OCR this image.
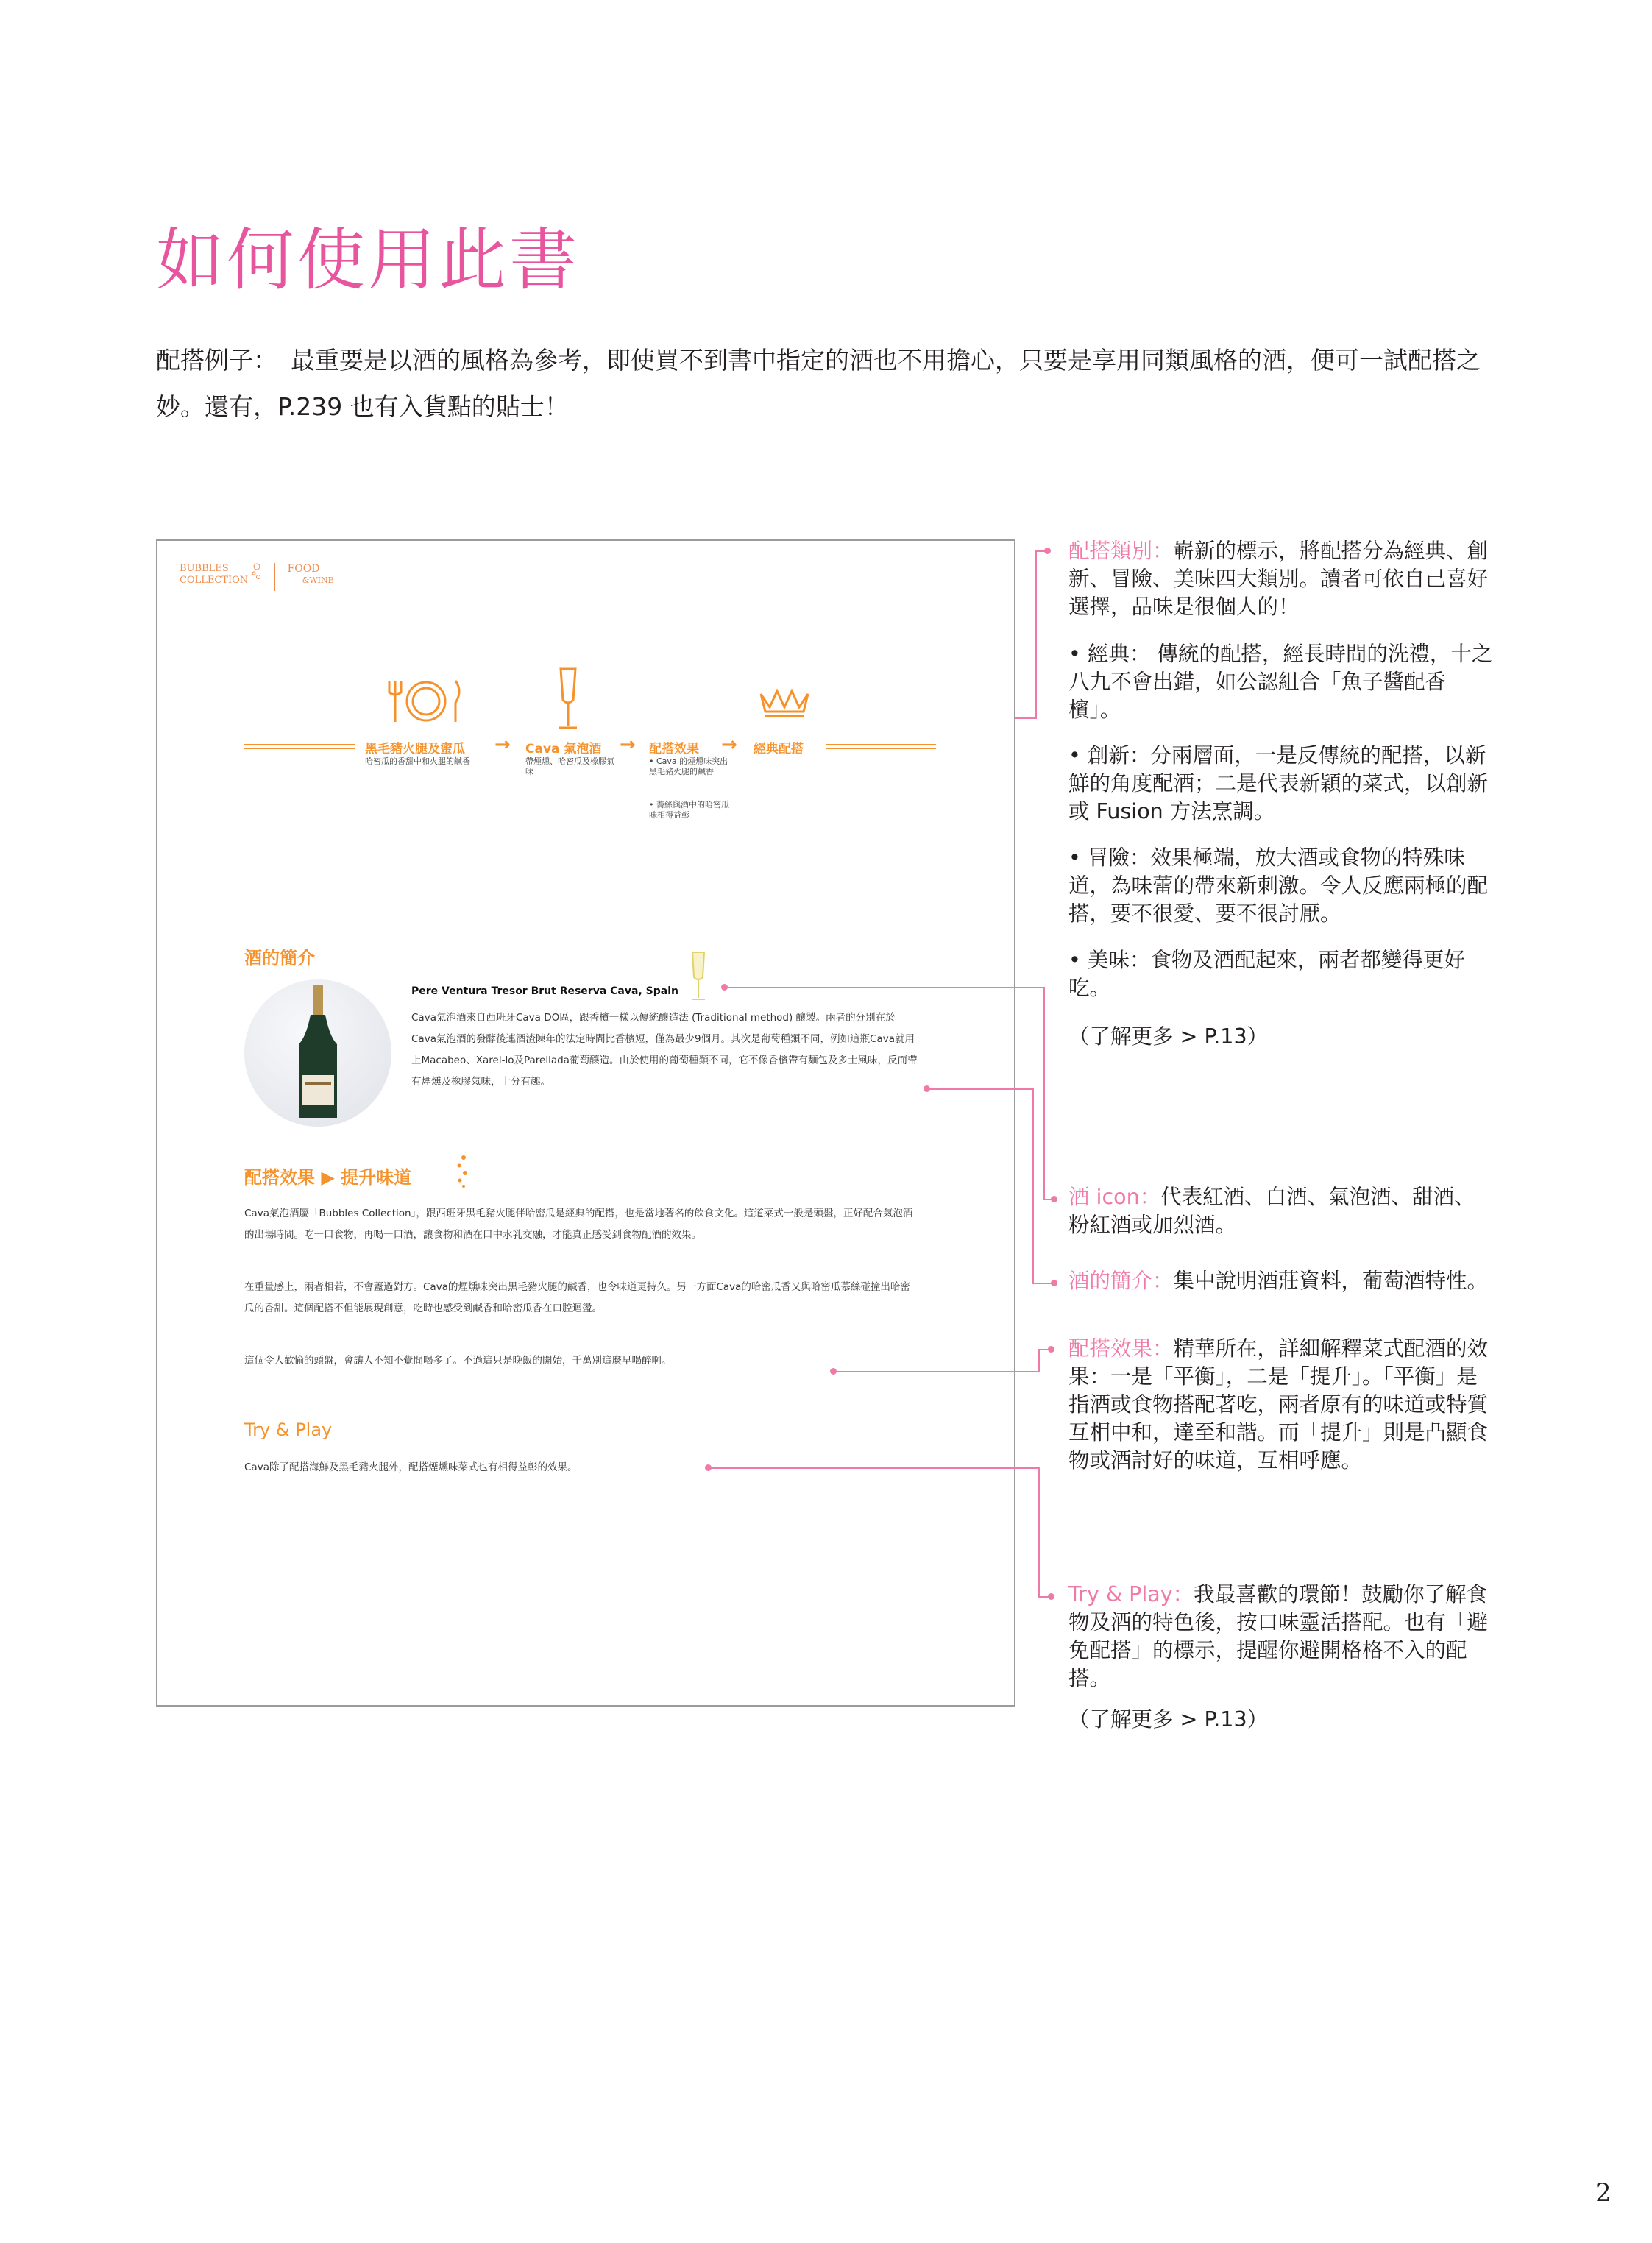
如何使用此書
配搭例子： 最重要是以酒的風格為參考，即使買不到書中指定的酒也不用擔心，只要是享用同類風格的酒，便可一試配搭之妙。還有，P.239 也有入貨點的貼士！
BUBBLES
COLLECTION

FOOD
&WINE
黑毛豬火腿及蜜瓜
哈密瓜的香甜中和火腿的鹹香
→ Cava 氣泡酒
帶煙燻、哈密瓜及橡膠氣味
→ 配搭效果
• Cava 的煙燻味突出黑毛豬火腿的鹹香
• 蕎絲與酒中的哈密瓜味相得益彰
→ 經典配搭
酒的簡介
Pere Ventura Tresor Brut Reserva Cava, Spain
Cava氣泡酒來自西班牙Cava DO區，跟香檳一樣以傳統釀造法 (Traditional method) 釀製。兩者的分別在於Cava氣泡酒的發酵後連酒渣陳年的法定時間比香檳短，僅為最少9個月。其次是葡萄種類不同，例如這瓶Cava就用上Macabeo、Xarel-lo及Parellada葡萄釀造。由於使用的葡萄種類不同，它不像香檳帶有麵包及多士風味，反而帶有煙燻及橡膠氣味，十分有趣。
配搭效果 ▶ 提升味道
Cava氣泡酒屬「Bubbles Collection」，跟西班牙黑毛豬火腿伴哈密瓜是經典的配搭，也是當地著名的飲食文化。這道菜式一般是頭盤，正好配合氣泡酒的出場時間。吃一口食物，再喝一口酒，讓食物和酒在口中水乳交融，才能真正感受到食物配酒的效果。
在重量感上，兩者相若，不會蓋過對方。Cava的煙燻味突出黑毛豬火腿的鹹香，也令味道更持久。另一方面Cava的哈密瓜香又與哈密瓜慕絲碰撞出哈密瓜的香甜。這個配搭不但能展現創意，吃時也感受到鹹香和哈密瓜香在口腔迴盪。
這個令人歡愉的頭盤，會讓人不知不覺間喝多了。不過這只是晚飯的開始，千萬別這麼早喝醉啊。
Try & Play
Cava除了配搭海鮮及黑毛豬火腿外，配搭煙燻味菜式也有相得益彰的效果。
配搭類別：嶄新的標示，將配搭分為經典、創新、冒險、美味四大類別。讀者可依自己喜好選擇，品味是很個人的！
• 經典： 傳統的配搭，經長時間的洗禮，十之八九不會出錯，如公認組合「魚子醬配香檳」。
• 創新：分兩層面，一是反傳統的配搭，以新鮮的角度配酒；二是代表新穎的菜式，以創新或 Fusion 方法烹調。
• 冒險：效果極端，放大酒或食物的特殊味道，為味蕾的帶來新刺激。令人反應兩極的配搭，要不很愛、要不很討厭。
• 美味：食物及酒配起來，兩者都變得更好吃。
（了解更多 > P.13）
酒 icon：代表紅酒、白酒、氣泡酒、甜酒、粉紅酒或加烈酒。
酒的簡介：集中說明酒莊資料，葡萄酒特性。
配搭效果：精華所在，詳細解釋菜式配酒的效果：一是「平衡」，二是「提升」。「平衡」是指酒或食物搭配著吃，兩者原有的味道或特質互相中和，達至和諧。而「提升」則是凸顯食物或酒討好的味道，互相呼應。
Try & Play：我最喜歡的環節！鼓勵你了解食物及酒的特色後，按口味靈活搭配。也有「避免配搭」的標示，提醒你避開格格不入的配搭。
（了解更多 > P.13）
2
